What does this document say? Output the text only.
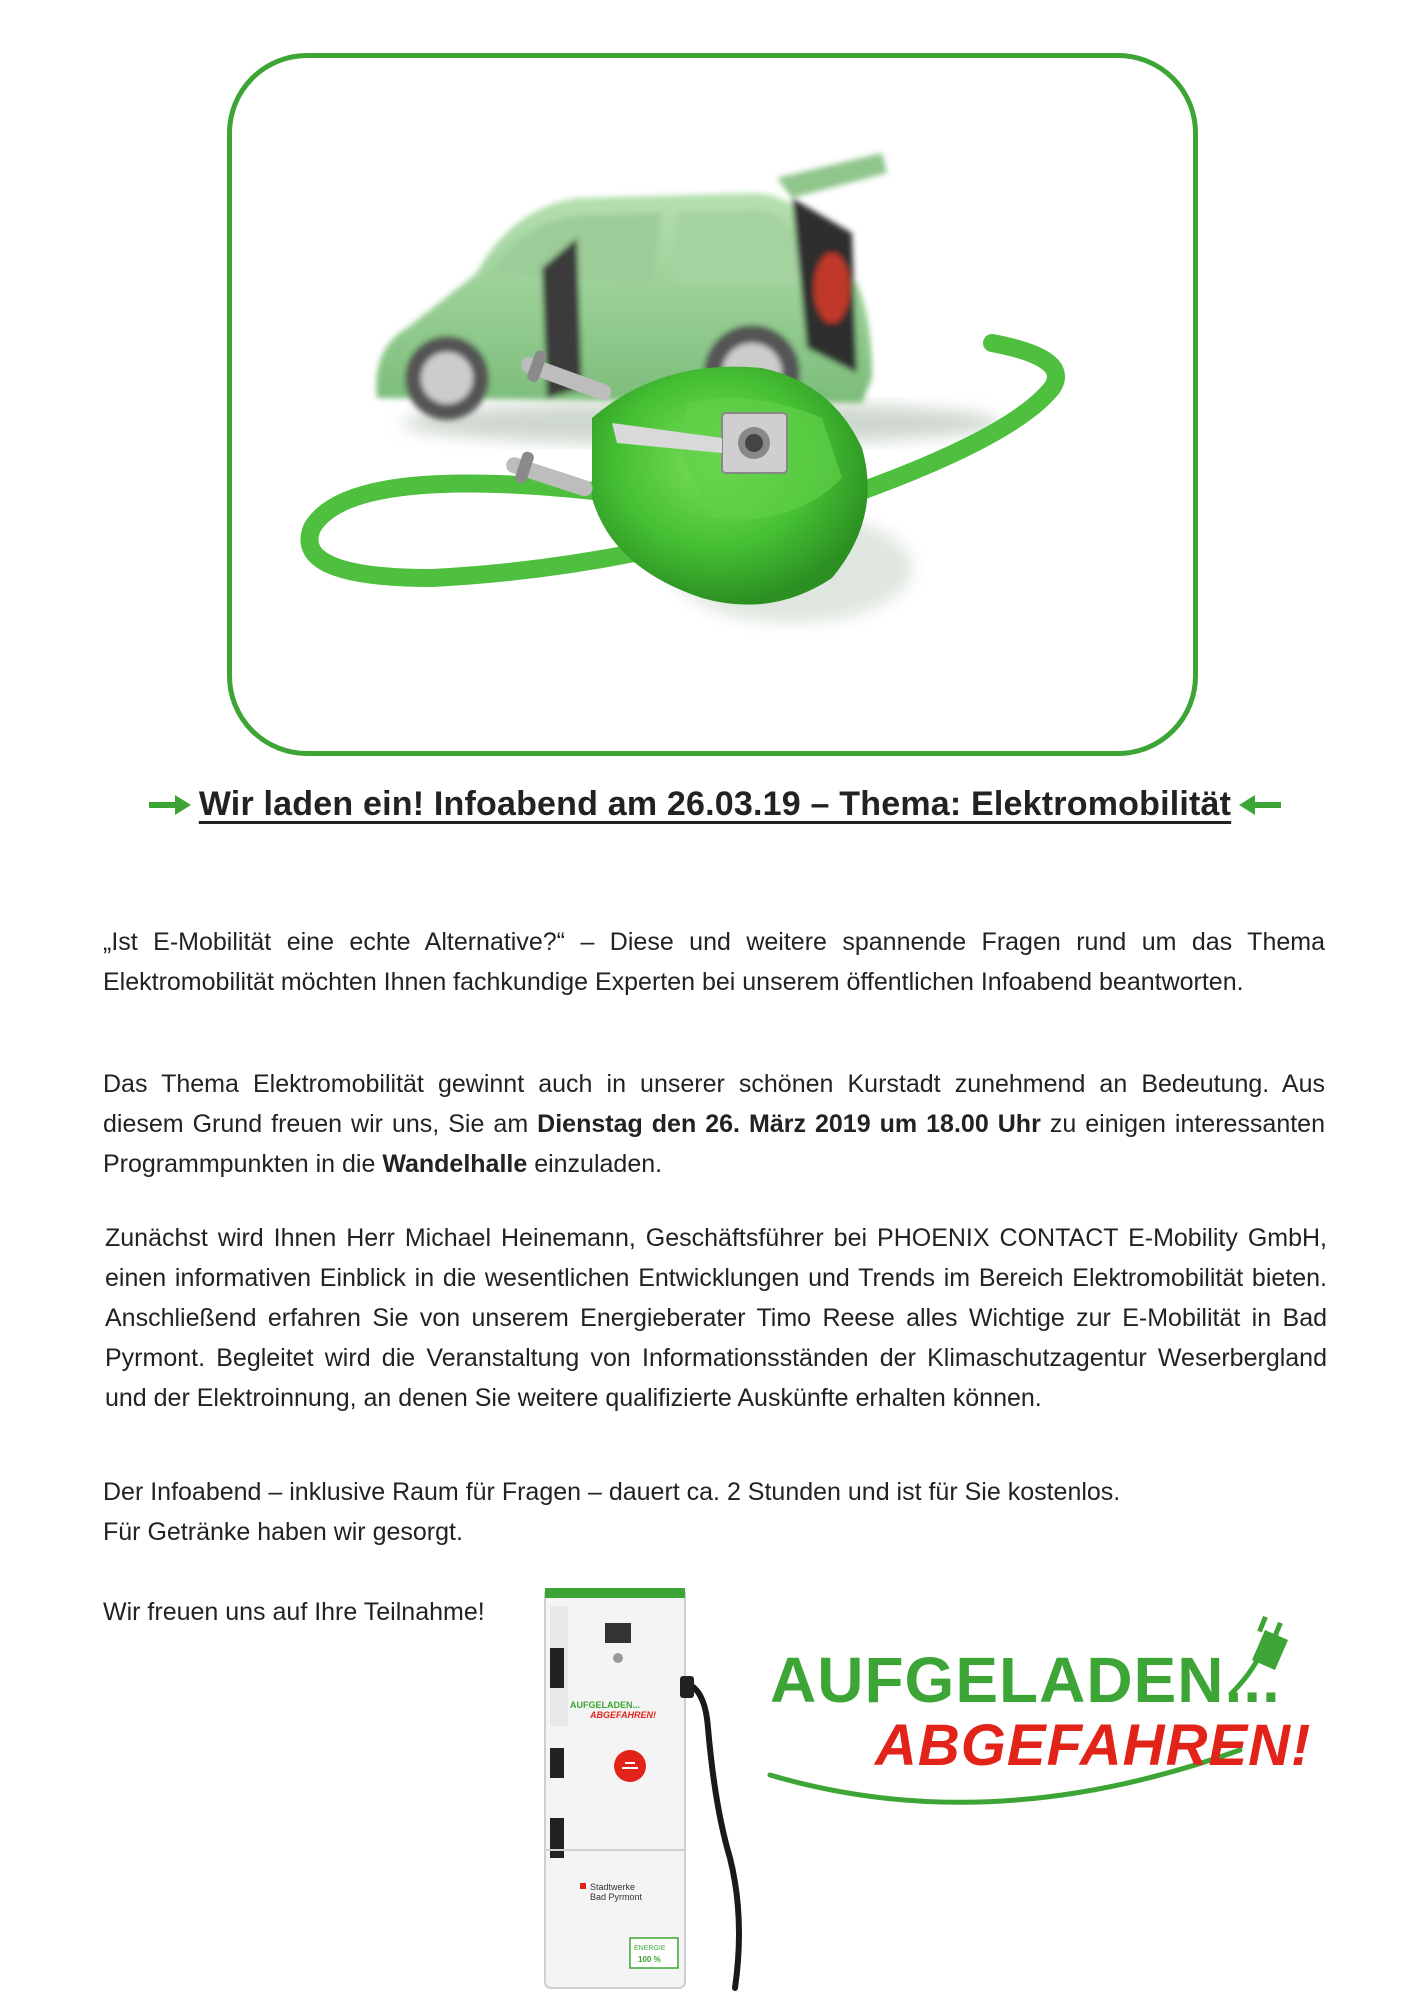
Wir laden ein! Infoabend am 26.03.19 – Thema: Elektromobilität
„Ist E-Mobilität eine echte Alternative?“ – Diese und weitere spannende Fragen rund um das Thema Elektromobilität möchten Ihnen fachkundige Experten bei unserem öffentlichen Infoabend beantworten.
Das Thema Elektromobilität gewinnt auch in unserer schönen Kurstadt zunehmend an Bedeutung. Aus diesem Grund freuen wir uns, Sie am Dienstag den 26. März 2019 um 18.00 Uhr zu einigen interessanten Programmpunkten in die Wandelhalle einzuladen.
Zunächst wird Ihnen Herr Michael Heinemann, Geschäftsführer bei PHOENIX CONTACT E-Mobility GmbH, einen informativen Einblick in die wesentlichen Entwicklungen und Trends im Bereich Elektromobilität bieten. Anschließend erfahren Sie von unserem Energieberater Timo Reese alles Wichtige zur E-Mobilität in Bad Pyrmont. Begleitet wird die Veranstaltung von Informationsständen der Klimaschutzagentur Weserbergland und der Elektroinnung, an denen Sie weitere qualifizierte Auskünfte erhalten können.
Der Infoabend – inklusive Raum für Fragen – dauert ca. 2 Stunden und ist für Sie kostenlos.
Für Getränke haben wir gesorgt.
Wir freuen uns auf Ihre Teilnahme!
AUFGELADEN...
ABGEFAHREN!
Stadtwerke
Bad Pyrmont
ENERGIE
100 %
AUFGELADEN...
ABGEFAHREN!
